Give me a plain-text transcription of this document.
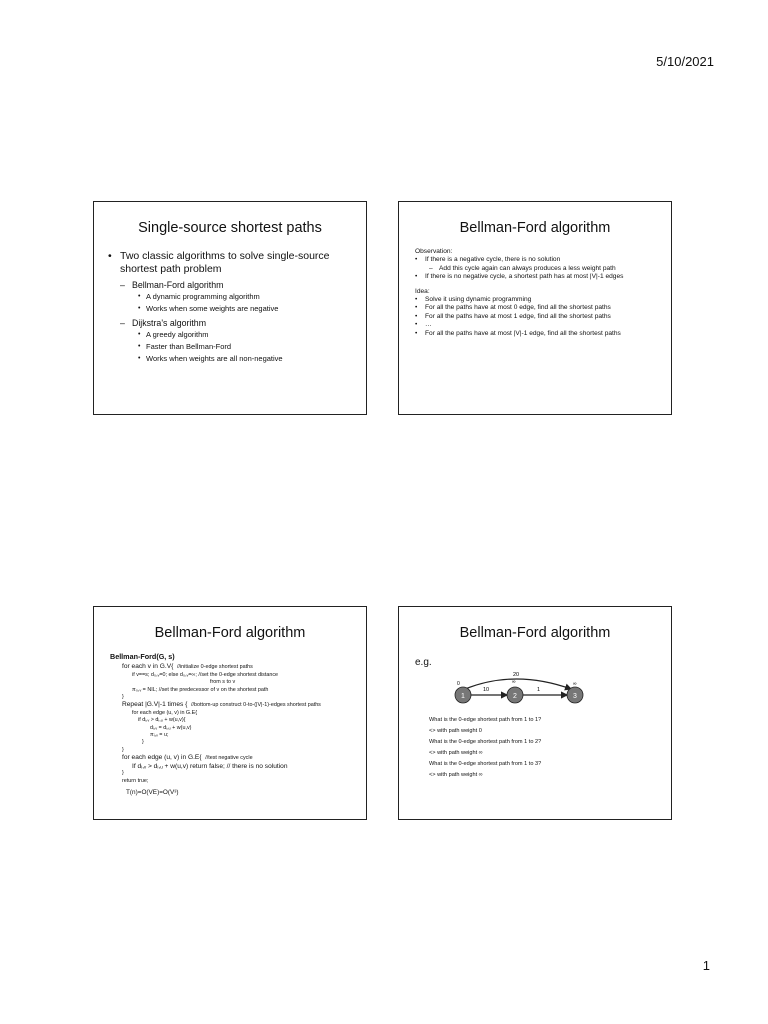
5/10/2021
Single-source shortest paths
• Two classic algorithms to solve single-source shortest path problem
– Bellman-Ford algorithm
• A dynamic programming algorithm
• Works when some weights are negative
– Dijkstra's algorithm
• A greedy algorithm
• Faster than Bellman-Ford
• Works when weights are all non-negative
Bellman-Ford algorithm
Observation:
• If there is a negative cycle, there is no solution
– Add this cycle again can always produces a less weight path
• If there is no negative cycle, a shortest path has at most |V|-1 edges
Idea:
• Solve it using dynamic programming
• For all the paths have at most 0 edge, find all the shortest paths
• For all the paths have at most 1 edge, find all the shortest paths
• …
• For all the paths have at most |V|-1 edge, find all the shortest paths
Bellman-Ford algorithm
Bellman-Ford(G, s)
for each v in G.V{ //initialize 0-edge shortest paths
if v==s; d₀,ᵥ=0; else d₀,ᵥ=∞; //set the 0-edge shortest distance
from s to v
π₀,ᵥ = NIL; //set the predecessor of v on the shortest path
}
Repeat |G.V|-1 times { //bottom-up construct 0-to-(|V|-1)-edges shortest paths
for each edge (u, v) in G.E{
if dᵢ,ᵥ > dᵢ,ᵤ + w(u,v){
dᵢ,ᵥ = dᵢ,ᵤ + w(u,v)
πᵢ,ᵥ = u;
}
}
for each edge (u, v) in G.E{ //test negative cycle
If dᵢ,ᵥ > dᵢ,ᵤ + w(u,v) return false; // there is no solution
}
return true;
T(n)=O(VE)=O(V³)
Bellman-Ford algorithm
e.g.
1	2	3
10	1
20
0	∞	∞
What is the 0-edge shortest path from 1 to 1?
<> with path weight 0
What is the 0-edge shortest path from 1 to 2?
<> with path weight ∞
What is the 0-edge shortest path from 1 to 3?
<> with path weight ∞
1
